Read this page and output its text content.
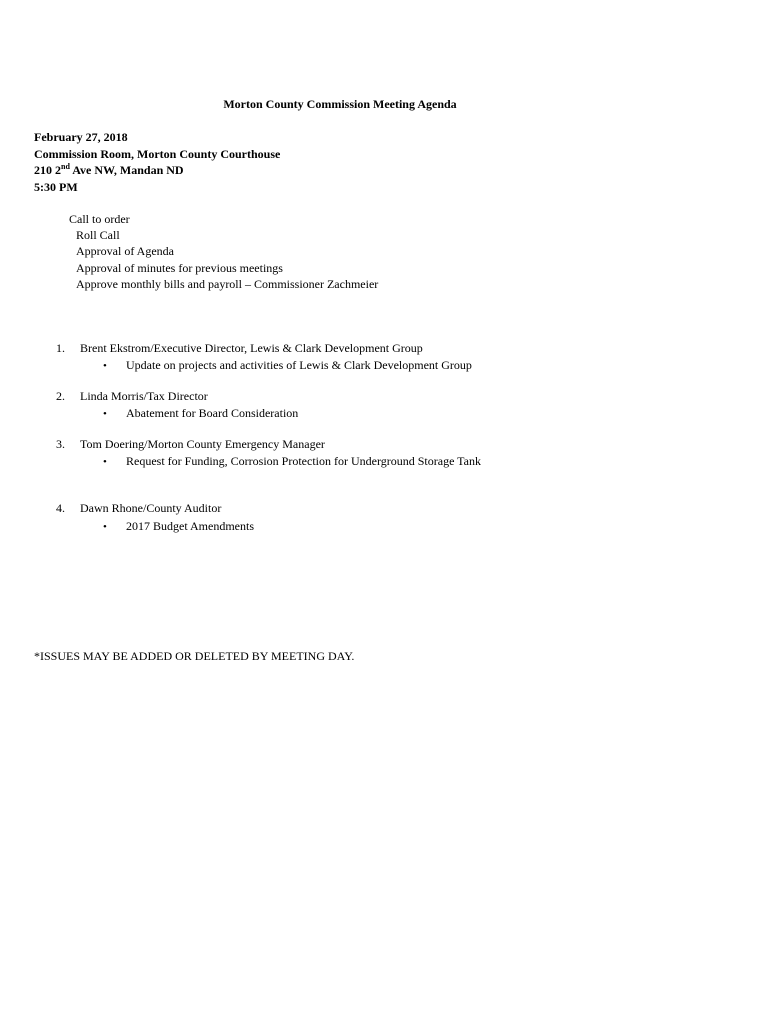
Morton County Commission Meeting Agenda
February 27, 2018
Commission Room, Morton County Courthouse
210 2nd Ave NW, Mandan ND
5:30 PM
Call to order
Roll Call
Approval of Agenda
Approval of minutes for previous meetings
Approve monthly bills and payroll – Commissioner Zachmeier
1. Brent Ekstrom/Executive Director, Lewis & Clark Development Group
• Update on projects and activities of Lewis & Clark Development Group
2. Linda Morris/Tax Director
• Abatement for Board Consideration
3. Tom Doering/Morton County Emergency Manager
• Request for Funding, Corrosion Protection for Underground Storage Tank
4. Dawn Rhone/County Auditor
• 2017 Budget Amendments
*ISSUES MAY BE ADDED OR DELETED BY MEETING DAY.
